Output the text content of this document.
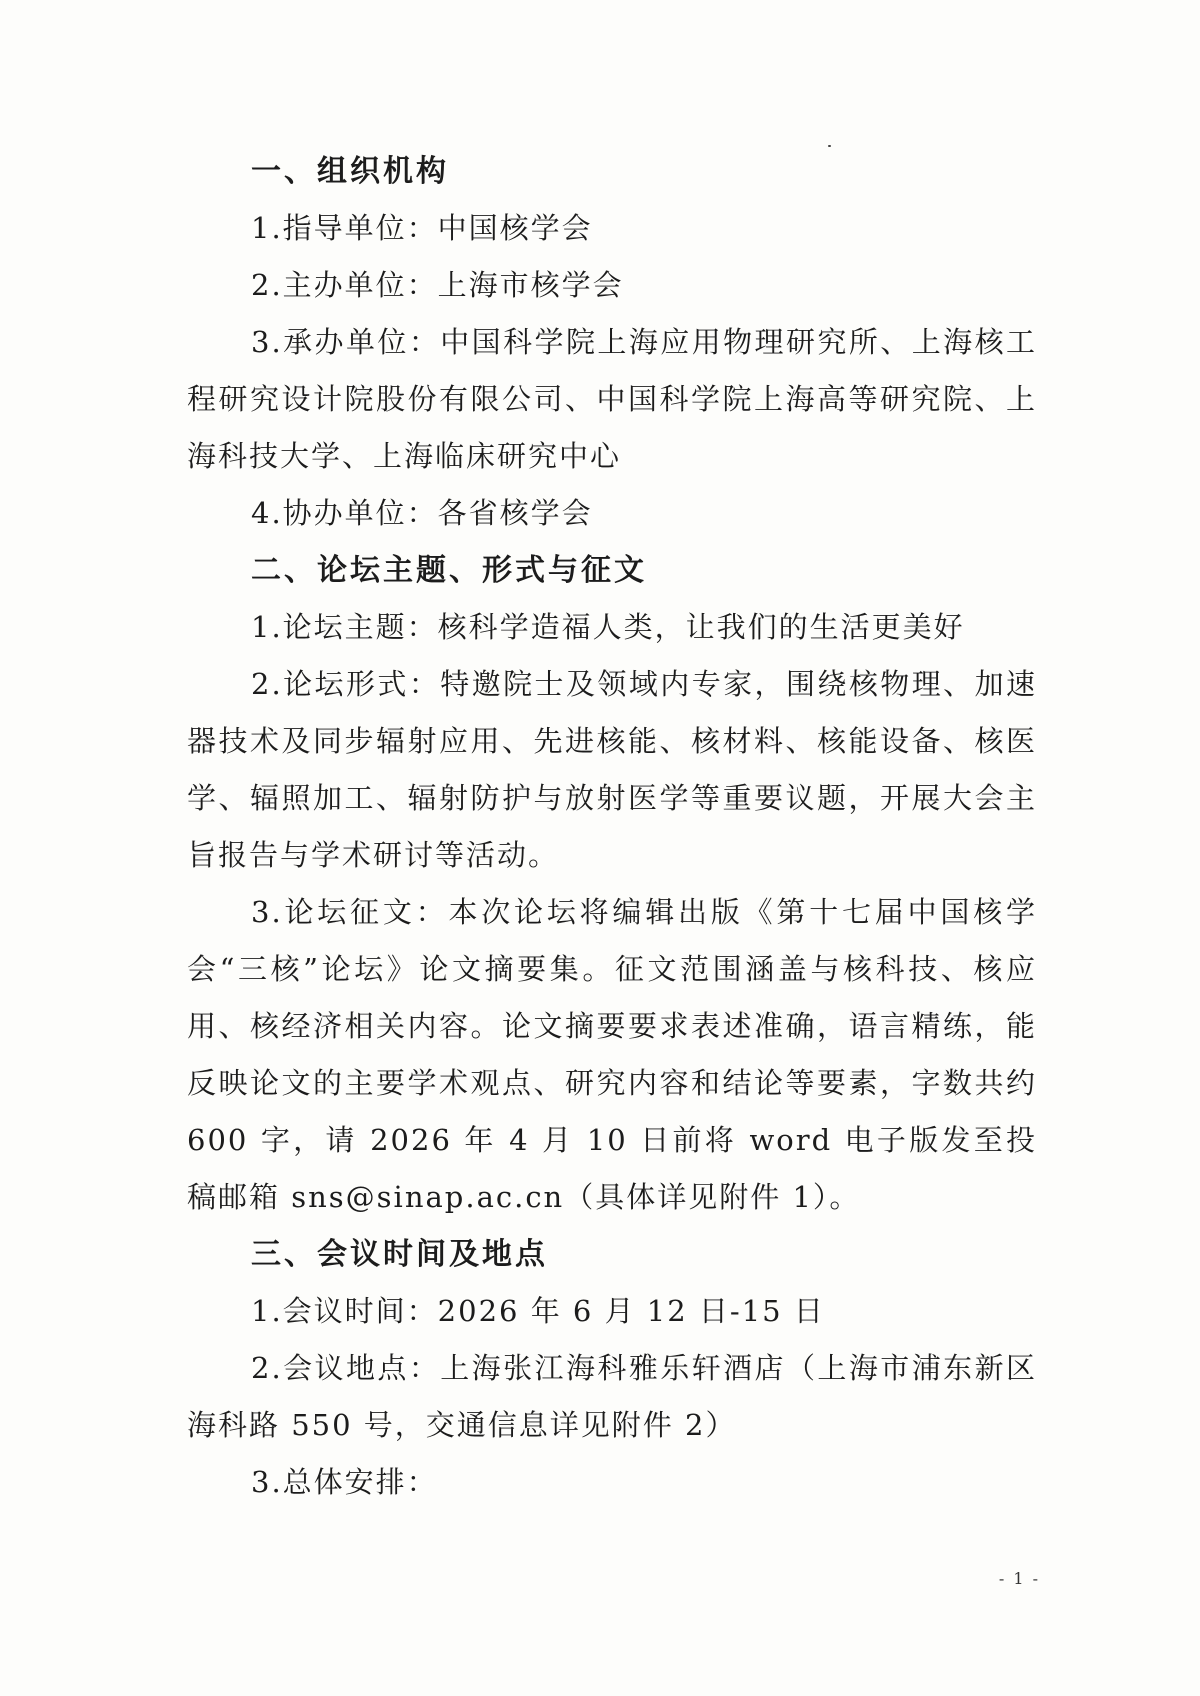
一、组织机构

1.指导单位：中国核学会

2.主办单位：上海市核学会

3.承办单位：中国科学院上海应用物理研究所、上海核工程研究设计院股份有限公司、中国科学院上海高等研究院、上海科技大学、上海临床研究中心

4.协办单位：各省核学会

二、论坛主题、形式与征文

1.论坛主题：核科学造福人类，让我们的生活更美好

2.论坛形式：特邀院士及领域内专家，围绕核物理、加速器技术及同步辐射应用、先进核能、核材料、核能设备、核医学、辐照加工、辐射防护与放射医学等重要议题，开展大会主旨报告与学术研讨等活动。

3.论坛征文：本次论坛将编辑出版《第十七届中国核学会“三核”论坛》论文摘要集。征文范围涵盖与核科技、核应用、核经济相关内容。论文摘要要求表述准确，语言精练，能反映论文的主要学术观点、研究内容和结论等要素，字数共约 600 字，请 2026 年 4 月 10 日前将 word 电子版发至投稿邮箱 sns@sinap.ac.cn（具体详见附件 1）。

三、会议时间及地点

1.会议时间：2026 年 6 月 12 日-15 日

2.会议地点：上海张江海科雅乐轩酒店（上海市浦东新区海科路 550 号，交通信息详见附件 2）

3.总体安排：

- 1 -
